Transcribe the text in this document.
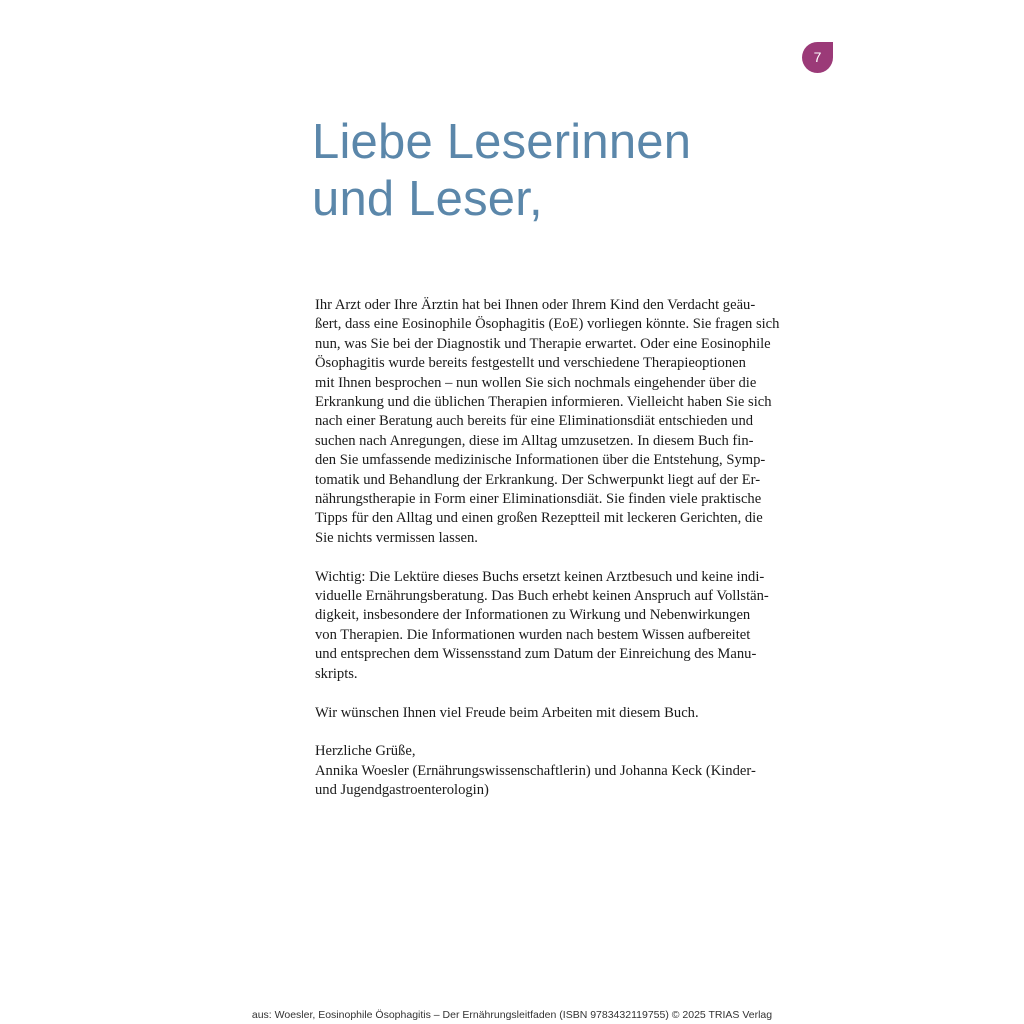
7
Liebe Leserinnen
und Leser,
Ihr Arzt oder Ihre Ärztin hat bei Ihnen oder Ihrem Kind den Verdacht geäu-
ßert, dass eine Eosinophile Ösophagitis (EoE) vorliegen könnte. Sie fragen sich
nun, was Sie bei der Diagnostik und Therapie erwartet. Oder eine Eosinophile
Ösophagitis wurde bereits festgestellt und verschiedene Therapieoptionen
mit Ihnen besprochen – nun wollen Sie sich nochmals eingehender über die
Erkrankung und die üblichen Therapien informieren. Vielleicht haben Sie sich
nach einer Beratung auch bereits für eine Eliminationsdiät entschieden und
suchen nach Anregungen, diese im Alltag umzusetzen. In diesem Buch fin-
den Sie umfassende medizinische Informationen über die Entstehung, Symp-
tomatik und Behandlung der Erkrankung. Der Schwerpunkt liegt auf der Er-
nährungstherapie in Form einer Eliminationsdiät. Sie finden viele praktische
Tipps für den Alltag und einen großen Rezeptteil mit leckeren Gerichten, die
Sie nichts vermissen lassen.
Wichtig: Die Lektüre dieses Buchs ersetzt keinen Arztbesuch und keine indi-
viduelle Ernährungsberatung. Das Buch erhebt keinen Anspruch auf Vollstän-
digkeit, insbesondere der Informationen zu Wirkung und Nebenwirkungen
von Therapien. Die Informationen wurden nach bestem Wissen aufbereitet
und entsprechen dem Wissensstand zum Datum der Einreichung des Manu-
skripts.
Wir wünschen Ihnen viel Freude beim Arbeiten mit diesem Buch.
Herzliche Grüße,
Annika Woesler (Ernährungswissenschaftlerin) und Johanna Keck (Kinder-
und Jugendgastroenterologin)
aus: Woesler, Eosinophile Ösophagitis – Der Ernährungsleitfaden (ISBN 9783432119755) © 2025 TRIAS Verlag
